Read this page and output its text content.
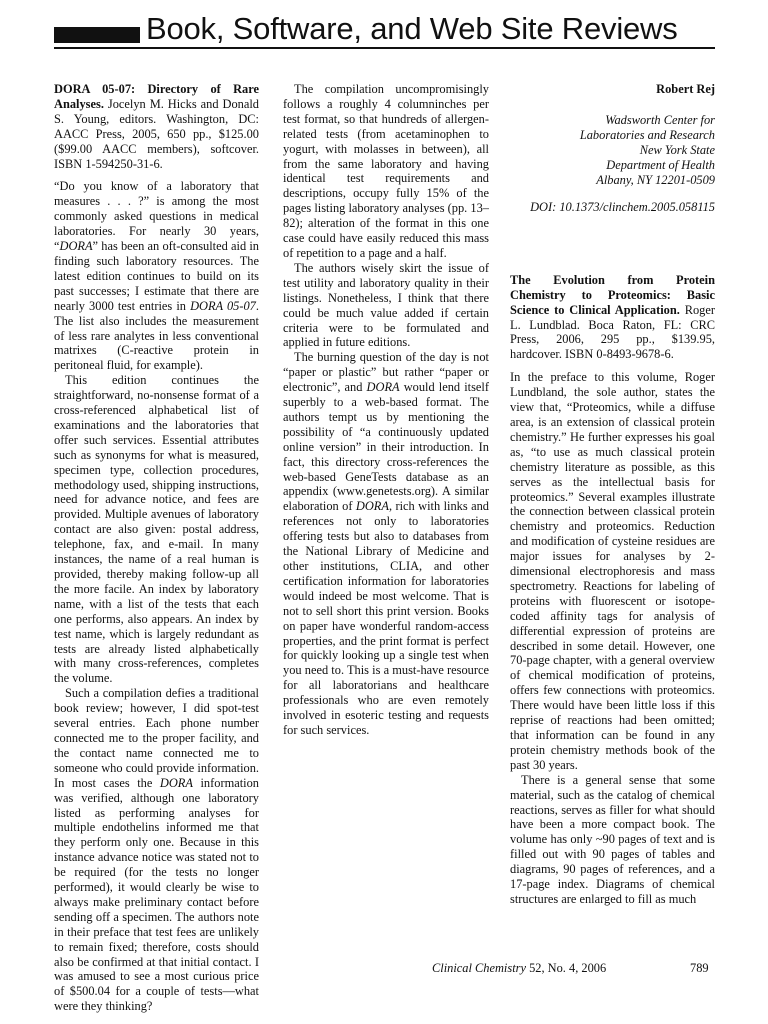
Book, Software, and Web Site Reviews

DORA 05-07: Directory of Rare Analyses. Jocelyn M. Hicks and Donald S. Young, editors. Washington, DC: AACC Press, 2005, 650 pp., $125.00 ($99.00 AACC members), softcover. ISBN 1-594250-31-6.

“Do you know of a laboratory that measures . . . ?” is among the most commonly asked questions in medical laboratories. For nearly 30 years, “DORA” has been an oft-consulted aid in finding such laboratory resources. The latest edition continues to build on its past successes; I estimate that there are nearly 3000 test entries in DORA 05-07. The list also includes the measurement of less rare analytes in less conventional matrixes (C-reactive protein in peritoneal fluid, for example).

This edition continues the straightforward, no-nonsense format of a cross-referenced alphabetical list of examinations and the laboratories that offer such services. Essential attributes such as synonyms for what is measured, specimen type, collection procedures, methodology used, shipping instructions, need for advance notice, and fees are provided. Multiple avenues of laboratory contact are also given: postal address, telephone, fax, and e-mail. In many instances, the name of a real human is provided, thereby making follow-up all the more facile. An index by laboratory name, with a list of the tests that each one performs, also appears. An index by test name, which is largely redundant as tests are already listed alphabetically with many cross-references, completes the volume.

Such a compilation defies a traditional book review; however, I did spot-test several entries. Each phone number connected me to the proper facility, and the contact name connected me to someone who could provide information. In most cases the DORA information was verified, although one laboratory listed as performing analyses for multiple endothelins informed me that they perform only one. Because in this instance advance notice was stated not to be required (for the tests no longer performed), it would clearly be wise to always make preliminary contact before sending off a specimen. The authors note in their preface that test fees are unlikely to remain fixed; therefore, costs should also be confirmed at that initial contact. I was amused to see a most curious price of $500.04 for a couple of tests—what were they thinking?

The compilation uncompromisingly follows a roughly 4 columninches per test format, so that hundreds of allergen-related tests (from acetaminophen to yogurt, with molasses in between), all from the same laboratory and having identical test requirements and descriptions, occupy fully 15% of the pages listing laboratory analyses (pp. 13–82); alteration of the format in this one case could have easily reduced this mass of repetition to a page and a half.

The authors wisely skirt the issue of test utility and laboratory quality in their listings. Nonetheless, I think that there could be much value added if certain criteria were to be formulated and applied in future editions.

The burning question of the day is not “paper or plastic” but rather “paper or electronic”, and DORA would lend itself superbly to a web-based format. The authors tempt us by mentioning the possibility of “a continuously updated online version” in their introduction. In fact, this directory cross-references the web-based GeneTests database as an appendix (www.genetests.org). A similar elaboration of DORA, rich with links and references not only to laboratories offering tests but also to databases from the National Library of Medicine and other institutions, CLIA, and other certification information for laboratories would indeed be most welcome. That is not to sell short this print version. Books on paper have wonderful random-access properties, and the print format is perfect for quickly looking up a single test when you need to. This is a must-have resource for all laboratorians and healthcare professionals who are even remotely involved in esoteric testing and requests for such services.

Robert Rej

Wadsworth Center for
Laboratories and Research
New York State
Department of Health
Albany, NY 12201-0509

DOI: 10.1373/clinchem.2005.058115

The Evolution from Protein Chemistry to Proteomics: Basic Science to Clinical Application. Roger L. Lundblad. Boca Raton, FL: CRC Press, 2006, 295 pp., $139.95, hardcover. ISBN 0-8493-9678-6.

In the preface to this volume, Roger Lundbland, the sole author, states the view that, “Proteomics, while a diffuse area, is an extension of classical protein chemistry.” He further expresses his goal as, “to use as much classical protein chemistry literature as possible, as this serves as the intellectual basis for proteomics.” Several examples illustrate the connection between classical protein chemistry and proteomics. Reduction and modification of cysteine residues are major issues for analyses by 2-dimensional electrophoresis and mass spectrometry. Reactions for labeling of proteins with fluorescent or isotope-coded affinity tags for analysis of differential expression of proteins are described in some detail. However, one 70-page chapter, with a general overview of chemical modification of proteins, offers few connections with proteomics. There would have been little loss if this reprise of reactions had been omitted; that information can be found in any protein chemistry methods book of the past 30 years.

There is a general sense that some material, such as the catalog of chemical reactions, serves as filler for what should have been a more compact book. The volume has only ~90 pages of text and is filled out with 90 pages of tables and diagrams, 90 pages of references, and a 17-page index. Diagrams of chemical structures are enlarged to fill as much

Clinical Chemistry 52, No. 4, 2006	789
